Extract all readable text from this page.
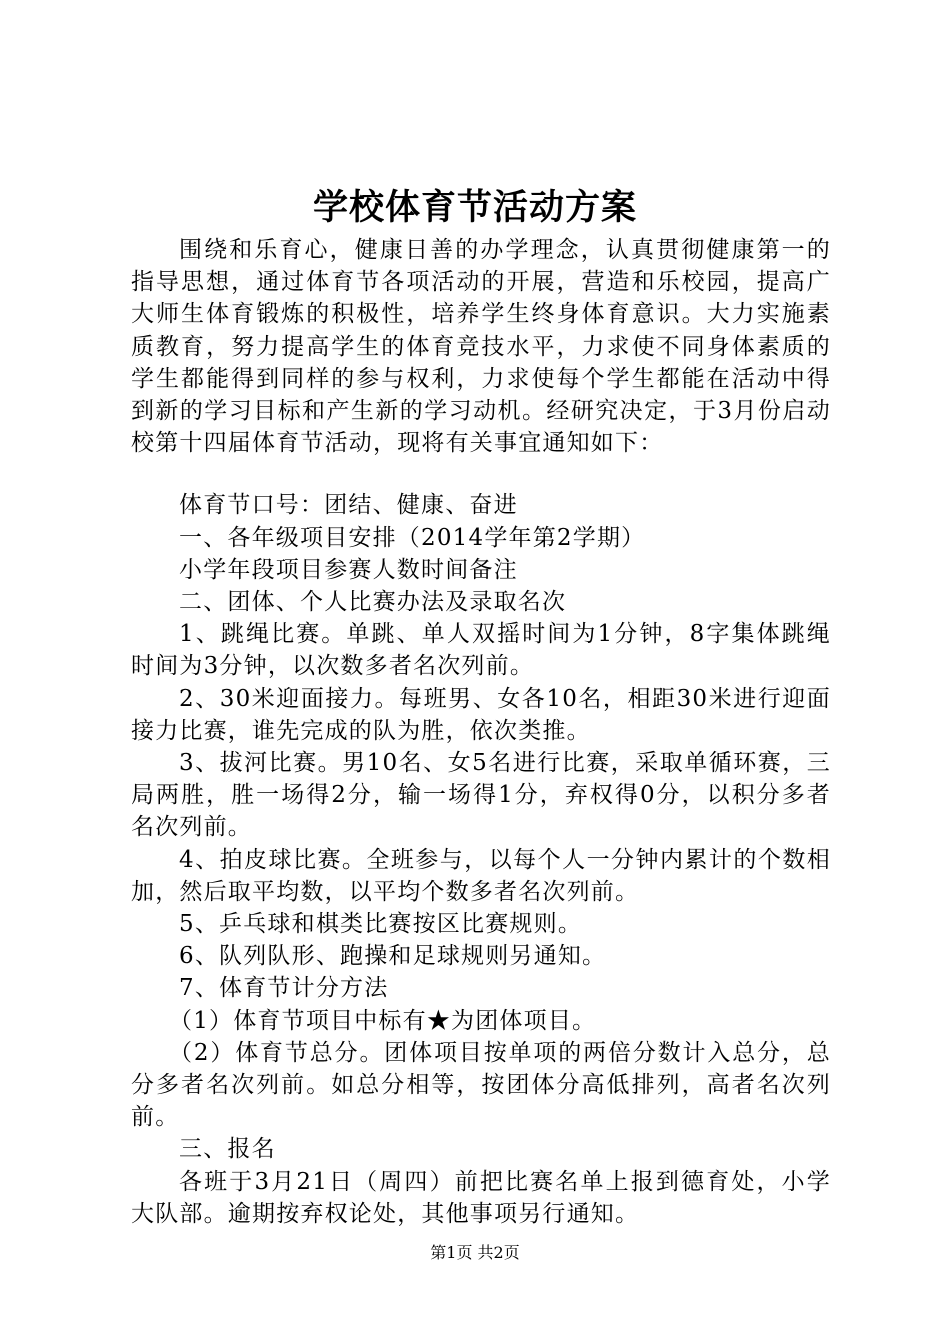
学校体育节活动方案

围绕和乐育心，健康日善的办学理念，认真贯彻健康第一的指导思想，通过体育节各项活动的开展，营造和乐校园，提高广大师生体育锻炼的积极性，培养学生终身体育意识。大力实施素质教育，努力提高学生的体育竞技水平，力求使不同身体素质的学生都能得到同样的参与权利，力求使每个学生都能在活动中得到新的学习目标和产生新的学习动机。经研究决定，于3月份启动校第十四届体育节活动，现将有关事宜通知如下：

体育节口号：团结、健康、奋进

一、各年级项目安排（2014学年第2学期）

小学年段项目参赛人数时间备注

二、团体、个人比赛办法及录取名次

1、跳绳比赛。单跳、单人双摇时间为1分钟，8字集体跳绳时间为3分钟，以次数多者名次列前。

2、30米迎面接力。每班男、女各10名，相距30米进行迎面接力比赛，谁先完成的队为胜，依次类推。

3、拔河比赛。男10名、女5名进行比赛，采取单循环赛，三局两胜，胜一场得2分，输一场得1分，弃权得0分，以积分多者名次列前。

4、拍皮球比赛。全班参与，以每个人一分钟内累计的个数相加，然后取平均数，以平均个数多者名次列前。

5、乒乓球和棋类比赛按区比赛规则。

6、队列队形、跑操和足球规则另通知。

7、体育节计分方法

（1）体育节项目中标有★为团体项目。

（2）体育节总分。团体项目按单项的两倍分数计入总分，总分多者名次列前。如总分相等，按团体分高低排列，高者名次列前。

三、报名

各班于3月21日（周四）前把比赛名单上报到德育处，小学大队部。逾期按弃权论处，其他事项另行通知。

第1页 共2页
